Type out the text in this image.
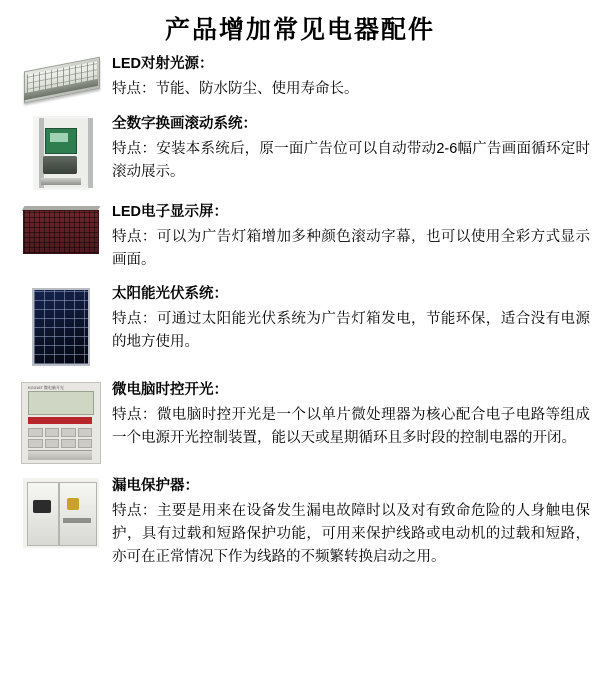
产品增加常见电器配件
LED对射光源：
特点：节能、防水防尘、使用寿命长。
全数字换画滚动系统：
特点：安装本系统后，原一面广告位可以自动带动2-6幅广告画面循环定时滚动展示。
LED电子显示屏：
特点：可以为广告灯箱增加多种颜色滚动字幕，也可以使用全彩方式显示画面。
太阳能光伏系统：
特点：可通过太阳能光伏系统为广告灯箱发电，节能环保，适合没有电源的地方使用。
KG316T 微电脑开光	微电脑时控开光：
特点：微电脑时控开光是一个以单片微处理器为核心配合电子电路等组成一个电源开光控制装置，能以天或星期循环且多时段的控制电器的开闭。
漏电保护器：
特点：主要是用来在设备发生漏电故障时以及对有致命危险的人身触电保护，具有过载和短路保护功能，可用来保护线路或电动机的过载和短路，亦可在正常情况下作为线路的不频繁转换启动之用。
